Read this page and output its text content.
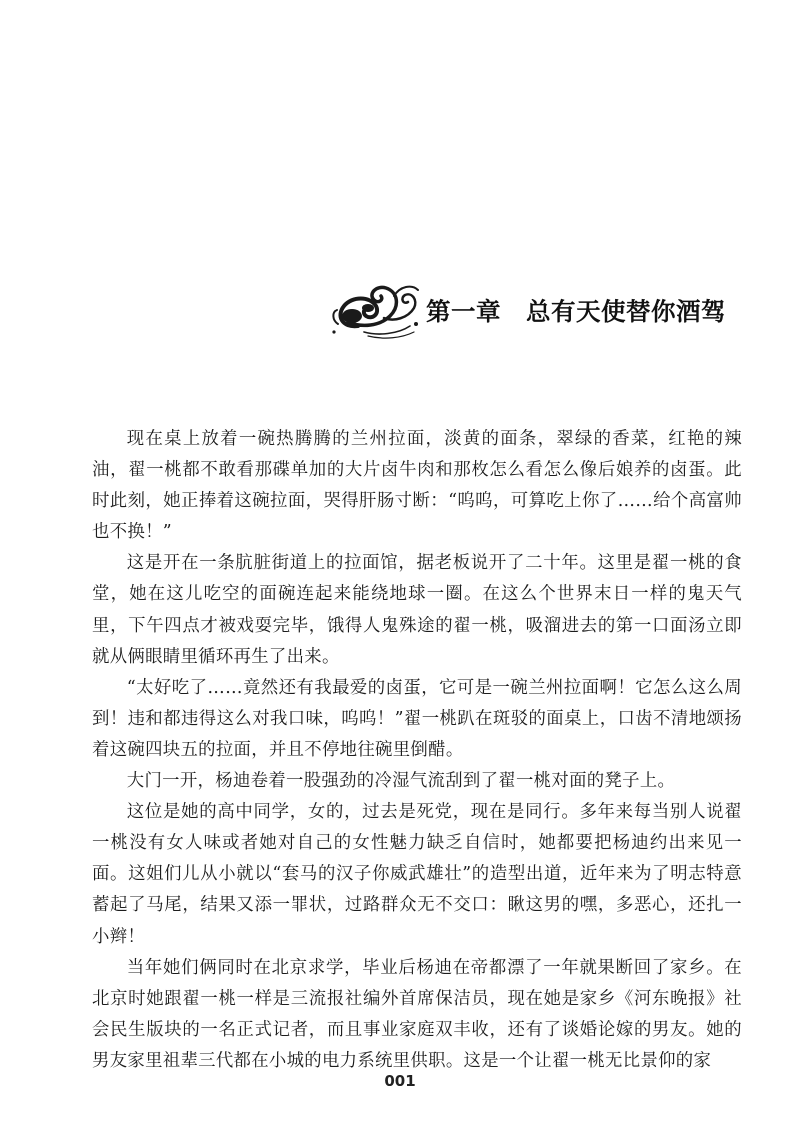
第一章　总有天使替你酒驾

现在桌上放着一碗热腾腾的兰州拉面，淡黄的面条，翠绿的香菜，红艳的辣油，翟一桃都不敢看那碟单加的大片卤牛肉和那枚怎么看怎么像后娘养的卤蛋。此时此刻，她正捧着这碗拉面，哭得肝肠寸断：“呜呜，可算吃上你了……给个高富帅也不换！”

这是开在一条肮脏街道上的拉面馆，据老板说开了二十年。这里是翟一桃的食堂，她在这儿吃空的面碗连起来能绕地球一圈。在这么个世界末日一样的鬼天气里，下午四点才被戏耍完毕，饿得人鬼殊途的翟一桃，吸溜进去的第一口面汤立即就从俩眼睛里循环再生了出来。

“太好吃了……竟然还有我最爱的卤蛋，它可是一碗兰州拉面啊！它怎么这么周到！违和都违得这么对我口味，呜呜！”翟一桃趴在斑驳的面桌上，口齿不清地颂扬着这碗四块五的拉面，并且不停地往碗里倒醋。

大门一开，杨迪卷着一股强劲的冷湿气流刮到了翟一桃对面的凳子上。

这位是她的高中同学，女的，过去是死党，现在是同行。多年来每当别人说翟一桃没有女人味或者她对自己的女性魅力缺乏自信时，她都要把杨迪约出来见一面。这姐们儿从小就以“套马的汉子你威武雄壮”的造型出道，近年来为了明志特意蓄起了马尾，结果又添一罪状，过路群众无不交口：瞅这男的嘿，多恶心，还扎一小辫！

当年她们俩同时在北京求学，毕业后杨迪在帝都漂了一年就果断回了家乡。在北京时她跟翟一桃一样是三流报社编外首席保洁员，现在她是家乡《河东晚报》社会民生版块的一名正式记者，而且事业家庭双丰收，还有了谈婚论嫁的男友。她的男友家里祖辈三代都在小城的电力系统里供职。这是一个让翟一桃无比景仰的家

001
